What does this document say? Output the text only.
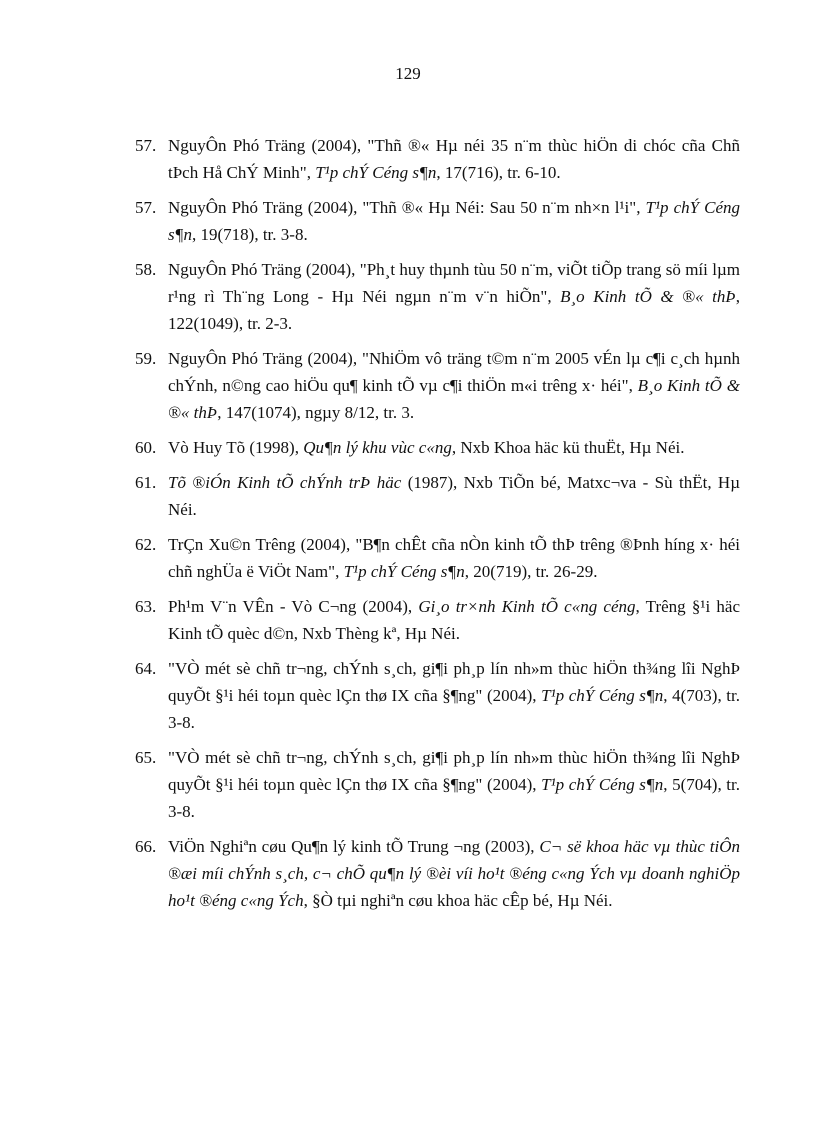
129

57. NguyÔn Phó Träng (2004), "Thñ ®« Hµ néi 35 n¨m thùc hiÖn di chóc cña Chñ tÞch Hå ChÝ Minh", T¹p chÝ Céng s¶n, 17(716), tr. 6-10.

57. NguyÔn Phó Träng (2004), "Thñ ®« Hµ Néi: Sau 50 n¨m nh×n l¹i", T¹p chÝ Céng s¶n, 19(718), tr. 3-8.

58. NguyÔn Phó Träng (2004), "Ph¸t huy thµnh tùu 50 n¨m, viÕt tiÕp trang sö míi lµm r¹ng rì Th¨ng Long - Hµ Néi ngµn n¨m v¨n hiÕn", B¸o Kinh tÕ & ®« thÞ, 122(1049), tr. 2-3.

59. NguyÔn Phó Träng (2004), "NhiÖm vô träng t©m n¨m 2005 vÉn lµ c¶i c¸ch hµnh chÝnh, n©ng cao hiÖu qu¶ kinh tÕ vµ c¶i thiÖn m«i trêng x· héi", B¸o Kinh tÕ & ®« thÞ, 147(1074), ngµy 8/12, tr. 3.

60. Vò Huy Tõ (1998), Qu¶n lý khu vùc c«ng, Nxb Khoa häc kü thuËt, Hµ Néi.

61. Tõ ®iÓn Kinh tÕ chÝnh trÞ häc (1987), Nxb TiÕn bé, Matxc¬va - Sù thËt, Hµ Néi.

62. TrÇn Xu©n Trêng (2004), "B¶n chÊt cña nÒn kinh tÕ thÞ trêng ®Þnh híng x· héi chñ nghÜa ë ViÖt Nam", T¹p chÝ Céng s¶n, 20(719), tr. 26-29.

63. Ph¹m V¨n VÊn - Vò C¬ng (2004), Gi¸o tr×nh Kinh tÕ c«ng céng, Trêng §¹i häc Kinh tÕ quèc d©n, Nxb Thèng kª, Hµ Néi.

64. "VÒ mét sè chñ tr¬ng, chÝnh s¸ch, gi¶i ph¸p lín nh»m thùc hiÖn th¾ng lîi NghÞ quyÕt §¹i héi toµn quèc lÇn thø IX cña §¶ng" (2004), T¹p chÝ Céng s¶n, 4(703), tr. 3-8.

65. "VÒ mét sè chñ tr¬ng, chÝnh s¸ch, gi¶i ph¸p lín nh»m thùc hiÖn th¾ng lîi NghÞ quyÕt §¹i héi toµn quèc lÇn thø IX cña §¶ng" (2004), T¹p chÝ Céng s¶n, 5(704), tr. 3-8.

66. ViÖn Nghiªn cøu Qu¶n lý kinh tÕ Trung ¬ng (2003), C¬ së khoa häc vµ thùc tiÔn ®æi míi chÝnh s¸ch, c¬ chÕ qu¶n lý ®èi víi ho¹t ®éng c«ng Ých vµ doanh nghiÖp ho¹t ®éng c«ng Ých, §Ò tµi nghiªn cøu khoa häc cÊp bé, Hµ Néi.
